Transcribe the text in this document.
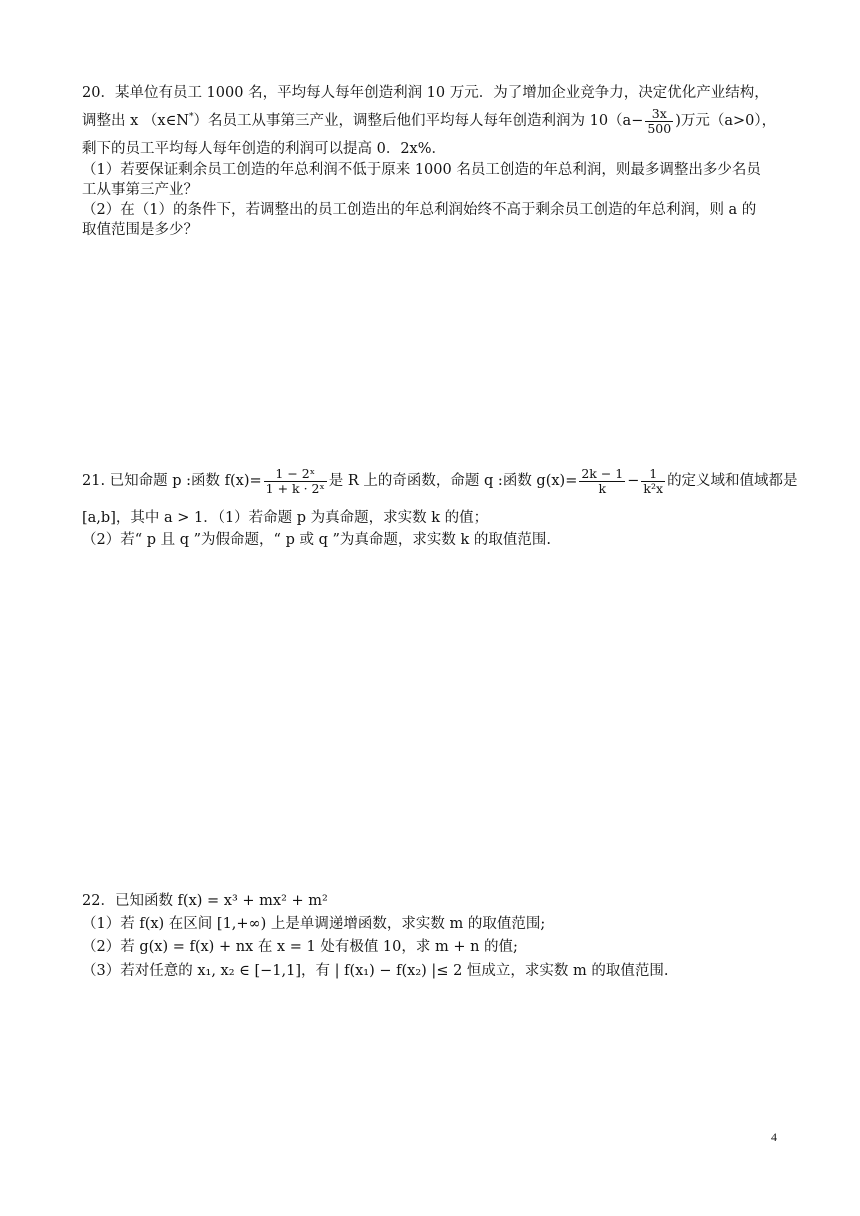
20．某单位有员工 1000 名，平均每人每年创造利润 10 万元．为了增加企业竞争力，决定优化产业结构，
调整出 x （x∈N*）名员工从事第三产业，调整后他们平均每人每年创造利润为 $10(a- \frac{3x}{500}$ )万元（a>0），
剩下的员工平均每人每年创造的利润可以提高 0．2x%．
（1）若要保证剩余员工创造的年总利润不低于原来 1000 名员工创造的年总利润，则最多调整出多少名员
工从事第三产业？
（2）在（1）的条件下，若调整出的员工创造出的年总利润始终不高于剩余员工创造的年总利润，则 a 的
取值范围是多少？
21. 已知命题 p :函数 $f(x)= \frac{\text{1 − 2ˣ}}{\text{1 + k · 2ˣ}}$ 是 R 上的奇函数，命题 q :函数 $g(x)= \frac{2k - 1}{k} - \frac{1}{\text{k²x}}$ 的定义域和值域都是
[a,b]，其中 a > 1．（1）若命题 p 为真命题，求实数 k 的值；
（2）若“ p 且 q ”为假命题，“ p 或 q ”为真命题，求实数 k 的取值范围.
22．已知函数 f(x) = x³ + mx² + m²
（1）若 f(x) 在区间 [1,+∞) 上是单调递增函数，求实数 m 的取值范围;
（2）若 g(x) = f(x) + nx 在 x = 1 处有极值 10，求 m + n 的值;
（3）若对任意的 x₁, x₂ ∈ [−1,1]，有 | f(x₁) − f(x₂) |≤ 2 恒成立，求实数 m 的取值范围.
4
